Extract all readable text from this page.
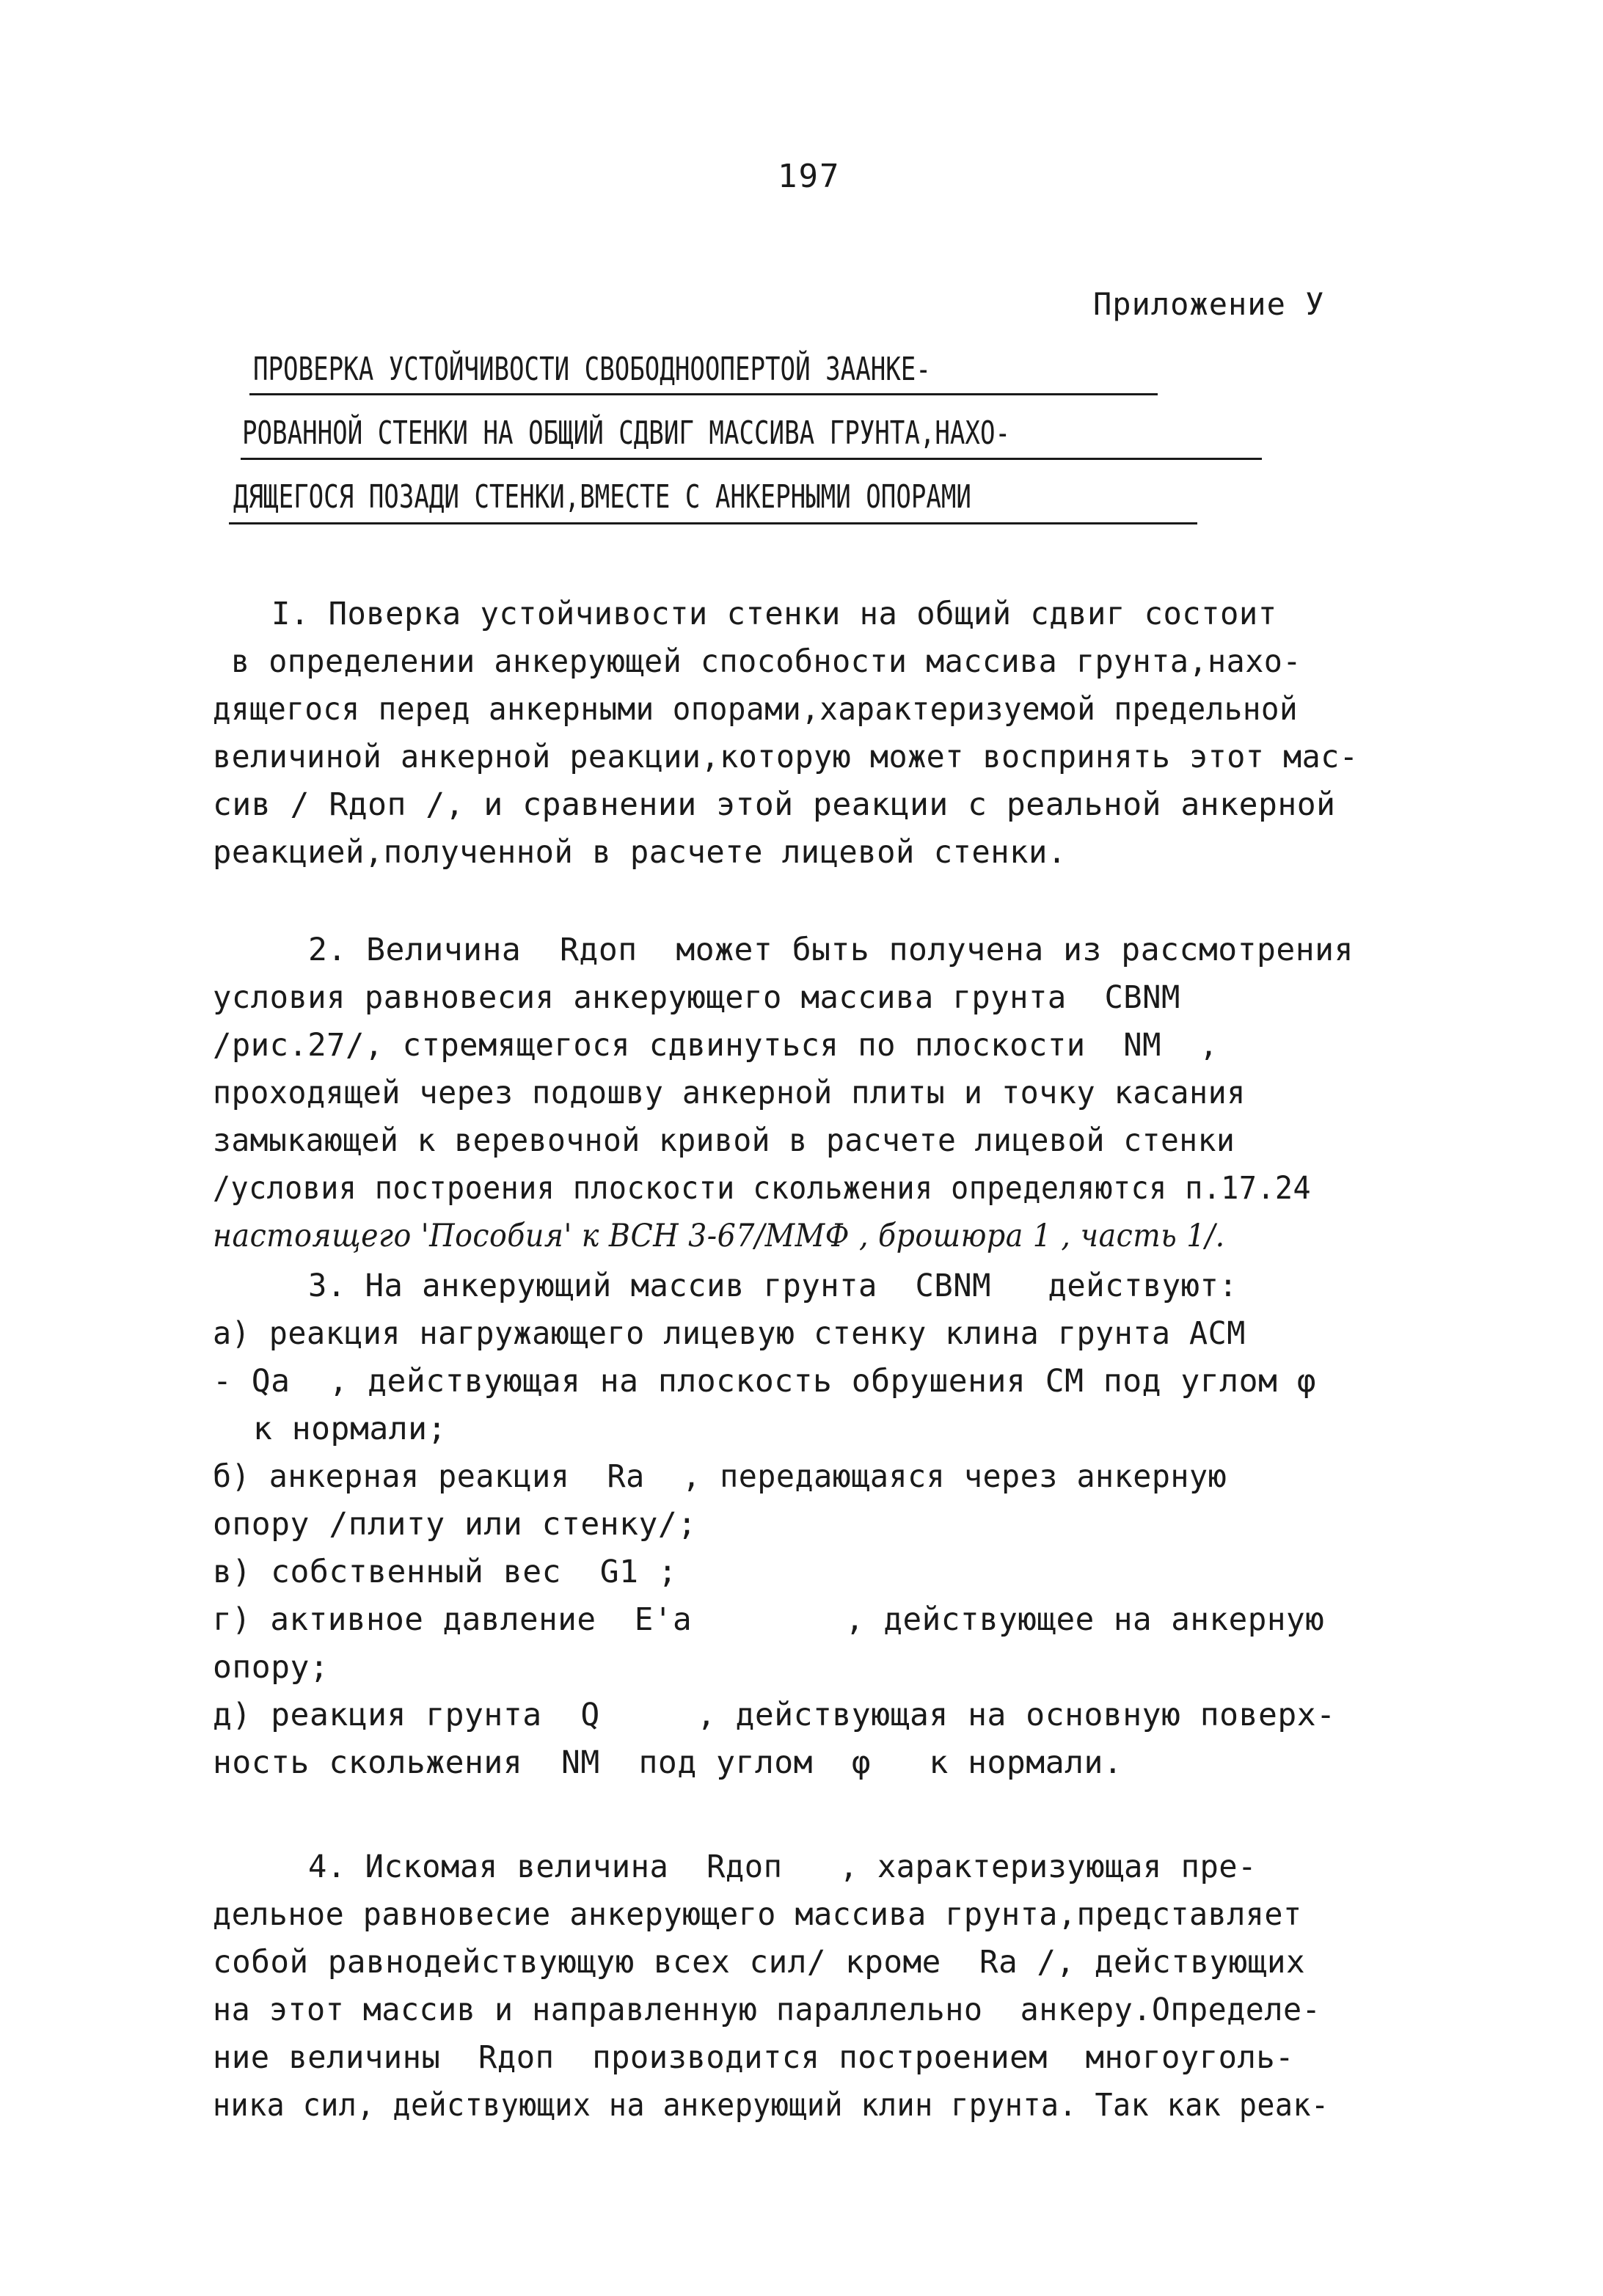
197
Приложение У
ПРОВЕРКА УСТОЙЧИВОСТИ СВОБОДНООПЕРТОЙ ЗААНКЕ-
РОВАННОЙ СТЕНКИ НА ОБЩИЙ СДВИГ МАССИВА ГРУНТА,НАХО-
ДЯЩЕГОСЯ ПОЗАДИ СТЕНКИ,ВМЕСТЕ С АНКЕРНЫМИ ОПОРАМИ
I. Поверка устойчивости стенки на общий сдвиг состоит
в определении анкерующей способности массива грунта,нахо-
дящегося перед анкерными опорами,характеризуемой предельной
величиной анкерной реакции,которую может воспринять этот мас-
сив / Rдоп /, и сравнении этой реакции с реальной анкерной
реакцией,полученной в расчете лицевой стенки.
2. Величина  Rдоп  может быть получена из рассмотрения
условия равновесия анкерующего массива грунта  CBNM
/рис.27/, стремящегося сдвинуться по плоскости  NM  ,
проходящей через подошву анкерной плиты и точку касания
замыкающей к веревочной кривой в расчете лицевой стенки
/условия построения плоскости скольжения определяются п.17.24
настоящего 'Пособия' к ВСН 3-67/ММФ , брошюра 1 , часть 1/.
3. На анкерующий массив грунта  CBNM   действуют:
а) реакция нагружающего лицевую стенку клина грунта АСМ
- Qa  , действующая на плоскость обрушения СМ под углом φ
к нормали;
б) анкерная реакция  Ra  , передающаяся через анкерную
опору /плиту или стенку/;
в) собственный вес  G1 ;
г) активное давление  E'a        , действующее на анкерную
опору;
д) реакция грунта  Q     , действующая на основную поверх-
ность скольжения  NM  под углом  φ   к нормали.
4. Искомая величина  Rдоп   , характеризующая пре-
дельное равновесие анкерующего массива грунта,представляет
собой равнодействующую всех сил/ кроме  Ra /, действующих
на этот массив и направленную параллельно  анкеру.Определе-
ние величины  Rдоп  производится построением  многоуголь-
ника сил, действующих на анкерующий клин грунта. Так как реак-
